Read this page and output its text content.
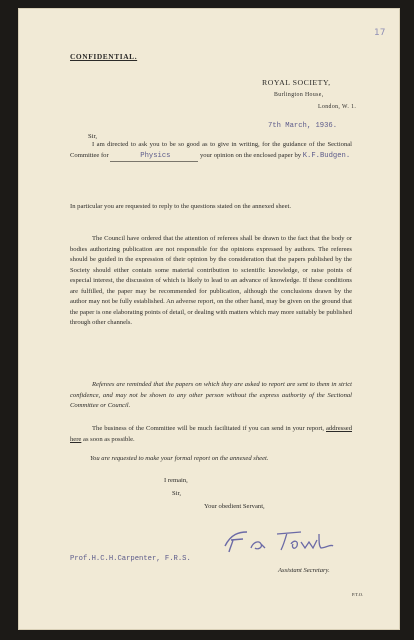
17
CONFIDENTIAL.
ROYAL SOCIETY,
Burlington House,
London, W. 1.
7th March, 1936.
Sir,
I am directed to ask you to be so good as to give in writing, for the guidance of the Sectional Committee for	Physics	your opinion on the enclosed paper by K.F.Budgen.
In particular you are requested to reply to the questions stated on the annexed sheet.
The Council have ordered that the attention of referees shall be drawn to the fact that the body or bodies authorizing publication are not responsible for the opinions expressed by authors. The referees should be guided in the expression of their opinion by the consideration that the papers published by the Society should either contain some material contribution to scientific knowledge, or raise points of especial interest, the discussion of which is likely to lead to an advance of knowledge. If these conditions are fulfilled, the paper may be recommended for publication, although the conclusions drawn by the author may not be fully established. An adverse report, on the other hand, may be given on the ground that the paper is one elaborating points of detail, or dealing with matters which may more suitably be published through other channels.
Referees are reminded that the papers on which they are asked to report are sent to them in strict confidence, and may not be shown to any other person without the express authority of the Sectional Committee or Council.
The business of the Committee will be much facilitated if you can send in your report, addressed here as soon as possible.
You are requested to make your formal report on the annexed sheet.
I remain,
Sir,
Your obedient Servant,
Prof.H.C.H.Carpenter, F.R.S.
Assistant Secretary.
P.T.O.
